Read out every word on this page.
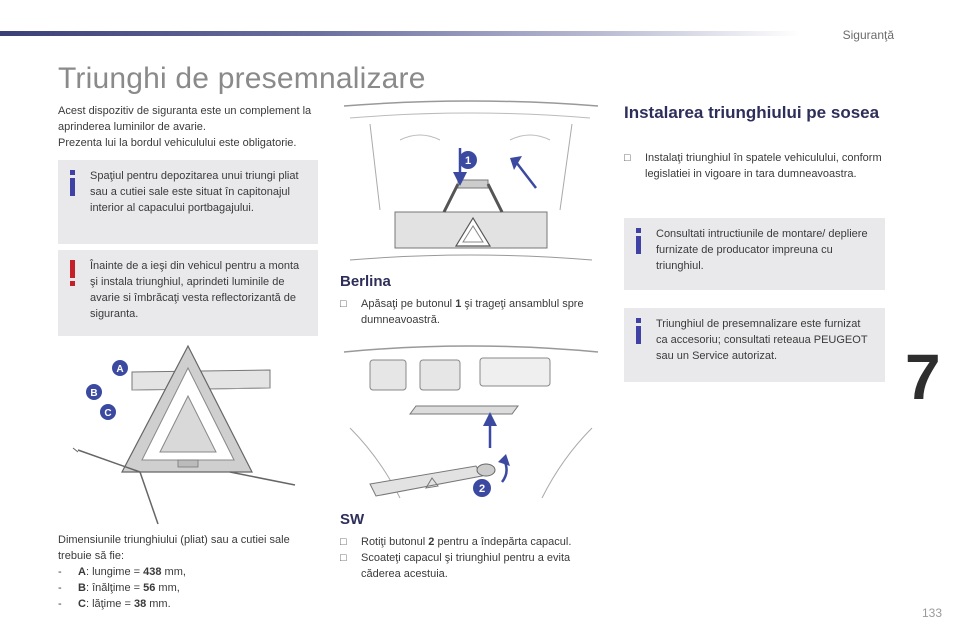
Siguranţă
Triunghi de presemnalizare

Acest dispozitiv de siguranta este un complement la aprinderea luminilor de avarie.

Prezenta lui la bordul vehiculului este obligatorie.

Spaţiul pentru depozitarea unui triungi pliat sau a cutiei sale este situat în capitonajul interior al capacului portbagajului.
Înainte de a ieşi din vehicul pentru a monta şi instala triunghiul, aprindeti luminile de avarie si îmbrăcaţi vesta reflectorizantă de siguranta.
A
B
C

Dimensiunile triunghiului (pliat) sau a cutiei sale trebuie să fie:

-	A: lungime = 438 mm,
-	B: înălţime = 56 mm,
-	C: lăţime = 38 mm.
1
Berlina
□ Apăsaţi pe butonul 1 şi trageţi ansamblul spre dumneavoastră.
2
SW
□ Rotiţi butonul 2 pentru a îndepărta capacul.
□ Scoateţi capacul şi triunghiul pentru a evita căderea acestuia.
Instalarea triunghiului pe sosea
□ Instalaţi triunghiul în spatele vehiculului, conform legislatiei in vigoare in tara dumneavoastra.
Consultati intructiunile de montare/ depliere furnizate de producator impreuna cu triunghiul.
Triunghiul de presemnalizare este furnizat ca accesoriu; consultati reteaua PEUGEOT sau un Service autorizat.	7
133
